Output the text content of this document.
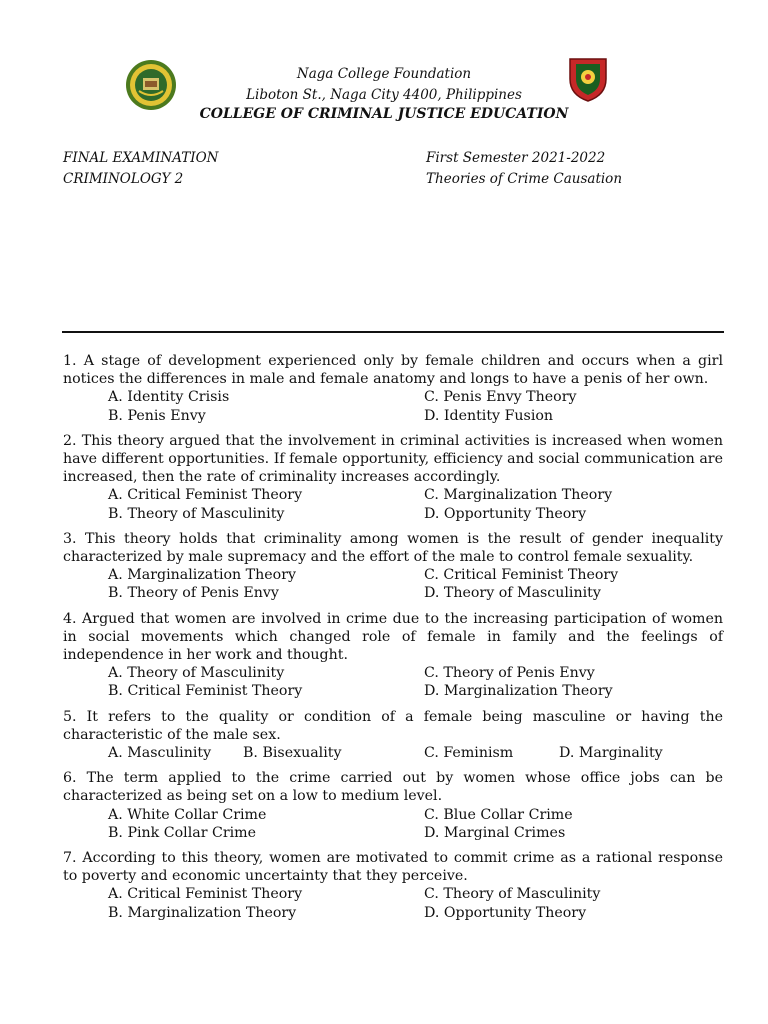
Naga College Foundation
Liboton St., Naga City 4400, Philippines
COLLEGE OF CRIMINAL JUSTICE EDUCATION
FINAL EXAMINATION
CRIMINOLOGY 2
First Semester 2021-2022
Theories of Crime Causation
1. A stage of development experienced only by female children and occurs when a girl notices the differences in male and female anatomy and longs to have a penis of her own.
A. Identity Crisis	C. Penis Envy Theory
B. Penis Envy	D. Identity Fusion
2. This theory argued that the involvement in criminal activities is increased when women have different opportunities. If female opportunity, efficiency and social communication are increased, then the rate of criminality increases accordingly.
A. Critical Feminist Theory	C. Marginalization Theory
B. Theory of Masculinity	D. Opportunity Theory
3. This theory holds that criminality among women is the result of gender inequality characterized by male supremacy and the effort of the male to control female sexuality.
A. Marginalization Theory	C. Critical Feminist Theory
B. Theory of Penis Envy	D. Theory of Masculinity
4. Argued that women are involved in crime due to the increasing participation of women in social movements which changed role of female in family and the feelings of independence in her work and thought.
A. Theory of Masculinity	C. Theory of Penis Envy
B. Critical Feminist Theory	D. Marginalization Theory
5. It refers to the quality or condition of a female being masculine or having the characteristic of the male sex.
A. Masculinity	B. Bisexuality	C. Feminism	D. Marginality
6. The term applied to the crime carried out by women whose office jobs can be characterized as being set on a low to medium level.
A. White Collar Crime	C. Blue Collar Crime
B. Pink Collar Crime	D. Marginal Crimes
7. According to this theory, women are motivated to commit crime as a rational response to poverty and economic uncertainty that they perceive.
A. Critical Feminist Theory	C. Theory of Masculinity
B. Marginalization Theory	D. Opportunity Theory
